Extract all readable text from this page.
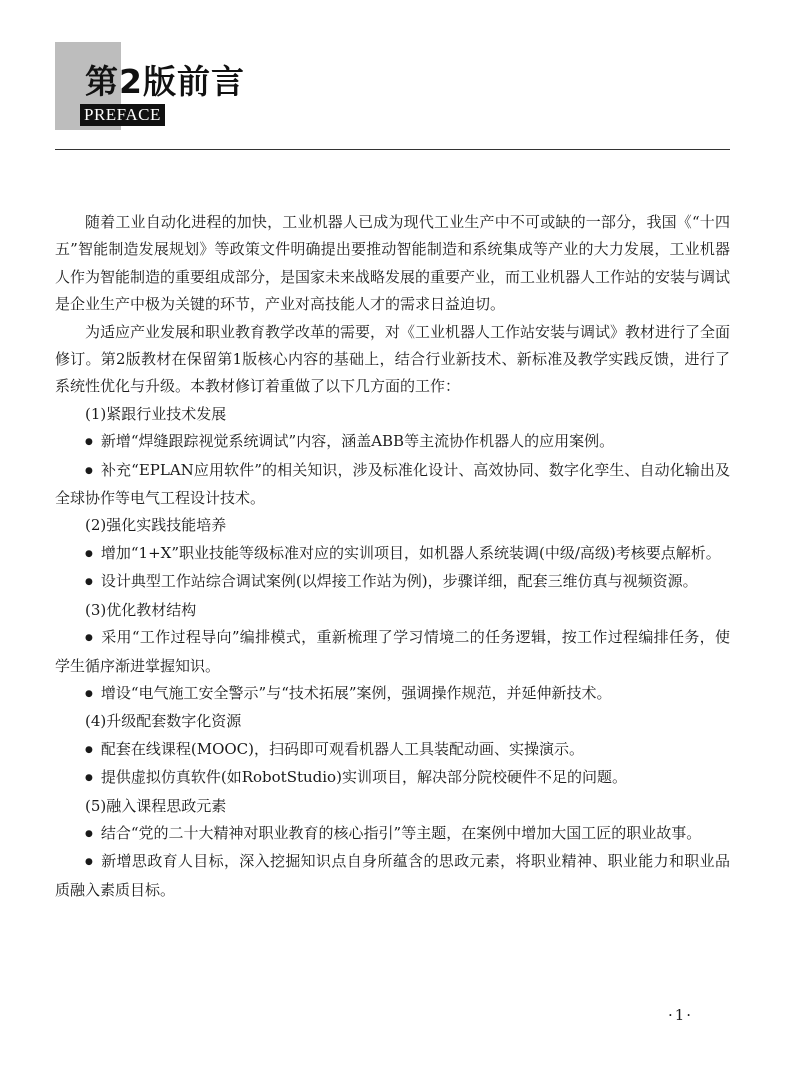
第2版前言
PREFACE

随着工业自动化进程的加快，工业机器人已成为现代工业生产中不可或缺的一部分，我国《“十四五”智能制造发展规划》等政策文件明确提出要推动智能制造和系统集成等产业的大力发展，工业机器人作为智能制造的重要组成部分，是国家未来战略发展的重要产业，而工业机器人工作站的安装与调试是企业生产中极为关键的环节，产业对高技能人才的需求日益迫切。

为适应产业发展和职业教育教学改革的需要，对《工业机器人工作站安装与调试》教材进行了全面修订。第2版教材在保留第1版核心内容的基础上，结合行业新技术、新标准及教学实践反馈，进行了系统性优化与升级。本教材修订着重做了以下几方面的工作：

(1)紧跟行业技术发展

● 新增“焊缝跟踪视觉系统调试”内容，涵盖ABB等主流协作机器人的应用案例。

● 补充“EPLAN应用软件”的相关知识，涉及标准化设计、高效协同、数字化孪生、自动化输出及全球协作等电气工程设计技术。

(2)强化实践技能培养

● 增加“1+X”职业技能等级标准对应的实训项目，如机器人系统装调(中级/高级)考核要点解析。

● 设计典型工作站综合调试案例(以焊接工作站为例)，步骤详细，配套三维仿真与视频资源。

(3)优化教材结构

● 采用“工作过程导向”编排模式，重新梳理了学习情境二的任务逻辑，按工作过程编排任务，使学生循序渐进掌握知识。

● 增设“电气施工安全警示”与“技术拓展”案例，强调操作规范，并延伸新技术。

(4)升级配套数字化资源

● 配套在线课程(MOOC)，扫码即可观看机器人工具装配动画、实操演示。

● 提供虚拟仿真软件(如RobotStudio)实训项目，解决部分院校硬件不足的问题。

(5)融入课程思政元素

● 结合“党的二十大精神对职业教育的核心指引”等主题，在案例中增加大国工匠的职业故事。

● 新增思政育人目标，深入挖掘知识点自身所蕴含的思政元素，将职业精神、职业能力和职业品质融入素质目标。

·1·
